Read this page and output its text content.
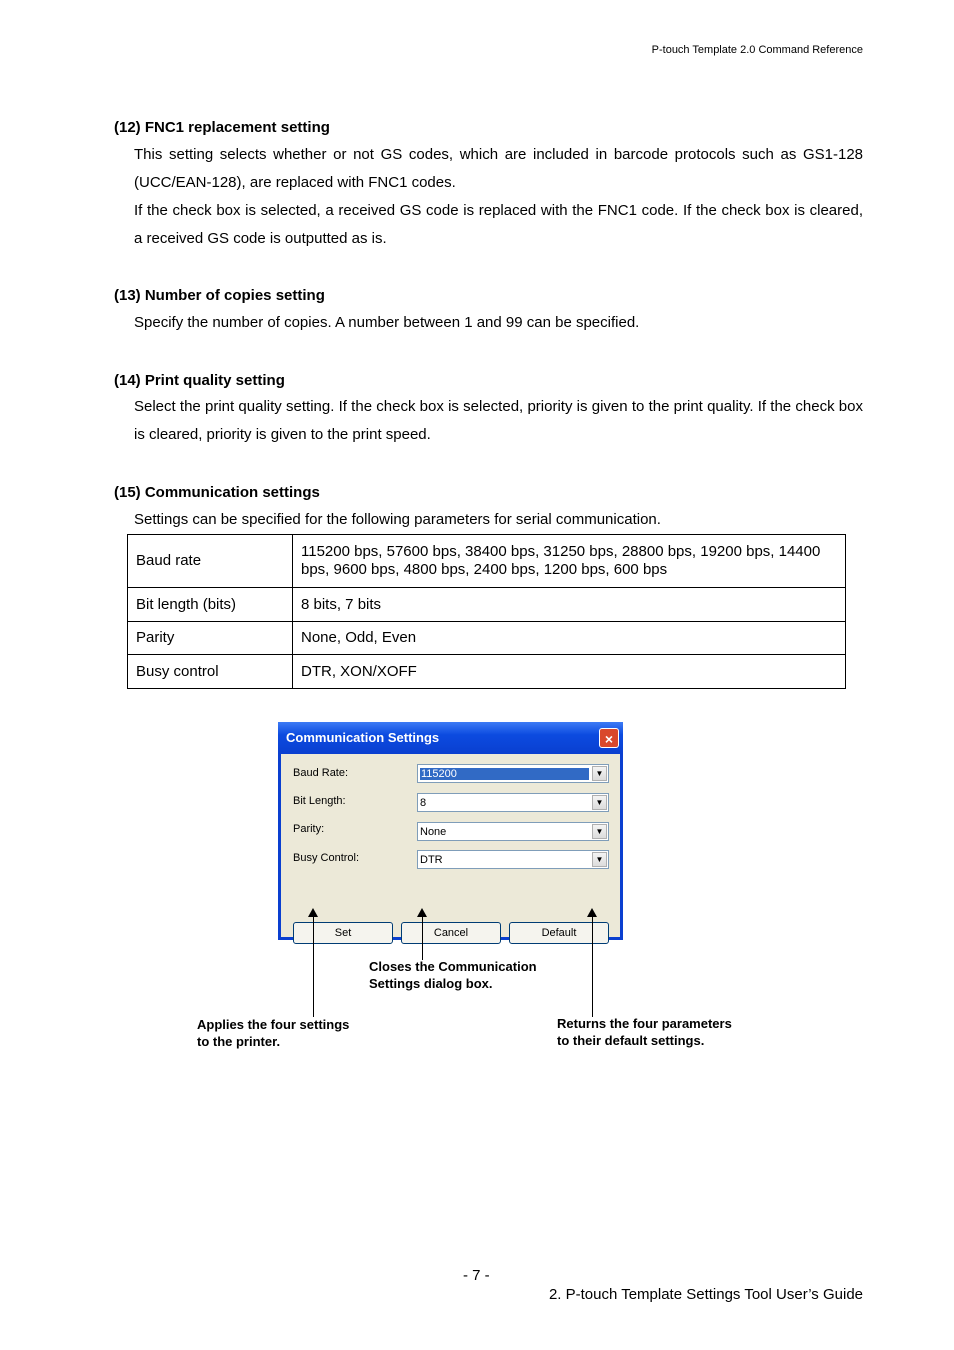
P-touch Template 2.0 Command Reference
(12) FNC1 replacement setting
This setting selects whether or not GS codes, which are included in barcode protocols such as GS1-128 (UCC/EAN-128), are replaced with FNC1 codes.
If the check box is selected, a received GS code is replaced with the FNC1 code. If the check box is cleared, a received GS code is outputted as is.
(13) Number of copies setting
Specify the number of copies. A number between 1 and 99 can be specified.
(14) Print quality setting
Select the print quality setting. If the check box is selected, priority is given to the print quality. If the check box is cleared, priority is given to the print speed.
(15) Communication settings
Settings can be specified for the following parameters for serial communication.
Baud rate	115200 bps, 57600 bps, 38400 bps, 31250 bps, 28800 bps, 19200 bps, 14400 bps, 9600 bps, 4800 bps, 2400 bps, 1200 bps, 600 bps
Bit length (bits)	8 bits, 7 bits
Parity	None, Odd, Even
Busy control	DTR, XON/XOFF
Communication Settings	×
Baud Rate:	115200	▼
Bit Length:	8	▼
Parity:	None	▼
Busy Control:	DTR	▼
Set	Cancel	Default
Closes the Communication
Settings dialog box.
Applies the four settings
to the printer.
Returns the four parameters
to their default settings.
- 7 -
2. P-touch Template Settings Tool User’s Guide
